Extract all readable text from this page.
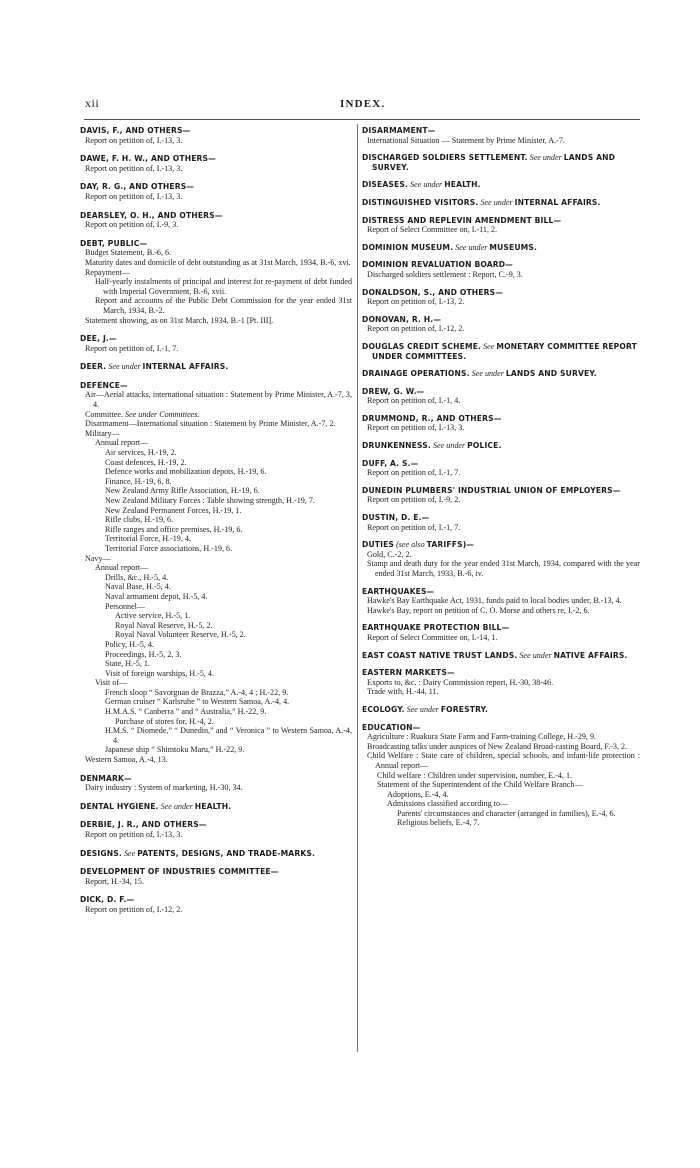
xii	INDEX.
DAVIS, F., AND OTHERS—
Report on petition of, I.-13, 3.
DAWE, F. H. W., AND OTHERS—
Report on petition of, I.-13, 3.
DAY, R. G., AND OTHERS—
Report on petition of, I.-13, 3.
DEARSLEY, O. H., AND OTHERS—
Report on petition of, I.-9, 3.
DEBT, PUBLIC—
Budget Statement, B.-6, 6.
Maturity dates and domicile of debt outstanding as at 31st March, 1934, B.-6, xvi.
Repayment—
Half-yearly instalments of principal and interest for re-payment of debt funded with Imperial Government, B.-6, xvii.
Report and accounts of the Public Debt Commission for the year ended 31st March, 1934, B.-2.
Statement showing, as on 31st March, 1934, B.-1 [Pt. III].
DEE, J.—
Report on petition of, I.-1, 7.
DEER. See under INTERNAL AFFAIRS.
DEFENCE—
Air—Aerial attacks, international situation : Statement by Prime Minister, A.-7, 3, 4.
Committee. See under Committees.
Disarmament—International situation : Statement by Prime Minister, A.-7, 2.
Military—
Annual report—
Air services, H.-19, 2.
Coast defences, H.-19, 2.
Defence works and mobilization depots, H.-19, 6.
Finance, H.-19, 6, 8.
New Zealand Army Rifle Association, H.-19, 6.
New Zealand Military Forces : Table showing strength, H.-19, 7.
New Zealand Permanent Forces, H.-19, 1.
Rifle clubs, H.-19, 6.
Rifle ranges and office premises, H.-19, 6.
Territorial Force, H.-19, 4.
Territorial Force associations, H.-19, 6.
Navy—
Annual report—
Drills, &c., H.-5, 4.
Naval Base, H.-5, 4.
Naval armament depot, H.-5, 4.
Personnel—
Active service, H.-5, 1.
Royal Naval Reserve, H.-5, 2.
Royal Naval Volunteer Reserve, H.-5, 2.
Policy, H.-5, 4.
Proceedings, H.-5, 2, 3.
State, H.-5, 1.
Visit of foreign warships, H.-5, 4.
Visit of—
French sloop “ Savorgnan de Brazza,” A.-4, 4 ; H.-22, 9.
German cruiser “ Karlsruhe ” to Western Samoa, A.-4, 4.
H.M.A.S. “ Canberra ” and “ Australia,” H.-22, 9.
Purchase of stores for, H.-4, 2.
H.M.S. “ Diomede,” “ Dunedin,” and “ Veronica ” to Western Samoa, A.-4, 4.
Japanese ship “ Shimtoku Maru,” H.-22, 9.
Western Samoa, A.-4, 13.
DENMARK—
Dairy industry : System of marketing, H.-30, 34.
DENTAL HYGIENE. See under HEALTH.
DERBIE, J. R., AND OTHERS—
Report on petition of, I.-13, 3.
DESIGNS. See PATENTS, DESIGNS, AND TRADE-MARKS.
DEVELOPMENT OF INDUSTRIES COMMITTEE—
Report, H.-34, 15.
DICK, D. F.—
Report on petition of, I.-12, 2.
DISARMAMENT—
International Situation — Statement by Prime Minister, A.-7.
DISCHARGED SOLDIERS SETTLEMENT. See under LANDS AND SURVEY.
DISEASES. See under HEALTH.
DISTINGUISHED VISITORS. See under INTERNAL AFFAIRS.
DISTRESS AND REPLEVIN AMENDMENT BILL—
Report of Select Committee on, I.-11, 2.
DOMINION MUSEUM. See under MUSEUMS.
DOMINION REVALUATION BOARD—
Discharged soldiers settlement : Report, C.-9, 3.
DONALDSON, S., AND OTHERS—
Report on petition of, I.-13, 2.
DONOVAN, R. H.—
Report on petition of, I.-12, 2.
DOUGLAS CREDIT SCHEME. See MONETARY COMMITTEE REPORT UNDER COMMITTEES.
DRAINAGE OPERATIONS. See under LANDS AND SURVEY.
DREW, G. W.—
Report on petition of, I.-1, 4.
DRUMMOND, R., AND OTHERS—
Report on petition of, I.-13, 3.
DRUNKENNESS. See under POLICE.
DUFF, A. S.—
Report on petition of, I.-1, 7.
DUNEDIN PLUMBERS' INDUSTRIAL UNION OF EMPLOYERS—
Report on petition of, I.-9, 2.
DUSTIN, D. E.—
Report on petition of, I.-1, 7.
DUTIES (see also TARIFFS)—
Gold, C.-2, 2.
Stamp and death duty for the year ended 31st March, 1934, compared with the year ended 31st March, 1933, B.-6, iv.
EARTHQUAKES—
Hawke's Bay Earthquake Act, 1931, funds paid to local bodies under, B.-13, 4.
Hawke's Bay, report on petition of C. O. Morse and others re, I.-2, 6.
EARTHQUAKE PROTECTION BILL—
Report of Select Committee on, I.-14, 1.
EAST COAST NATIVE TRUST LANDS. See under NATIVE AFFAIRS.
EASTERN MARKETS—
Exports to, &c. : Dairy Commission report, H.-30, 38-46.
Trade with, H.-44, 11.
ECOLOGY. See under FORESTRY.
EDUCATION—
Agriculture : Ruakura State Farm and Farm-training College, H.-29, 9.
Broadcasting talks under auspices of New Zealand Broad-casting Board, F.-3, 2.
Child Welfare : State care of children, special schools, and infant-life protection : Annual report—
Child welfare : Children under supervision, number, E.-4, 1.
Statement of the Superintendent of the Child Welfare Branch—
Adoptions, E.-4, 4.
Admissions classified according to—
Parents' circumstances and character (arranged in families), E.-4, 6.
Religious beliefs, E.-4, 7.
